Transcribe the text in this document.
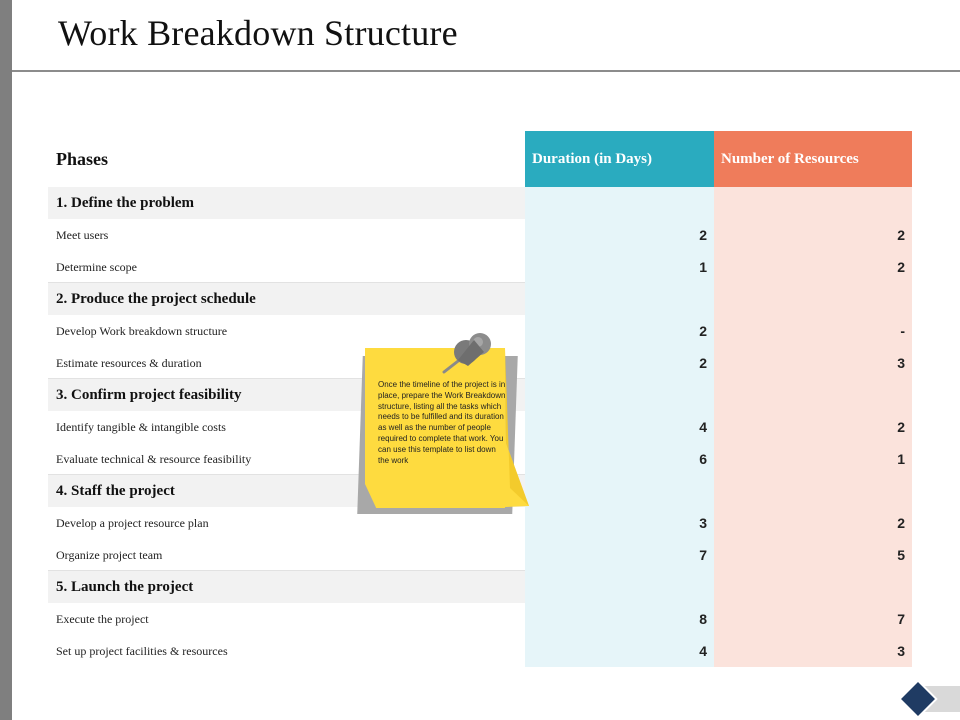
Work Breakdown Structure
Phases	Duration (in Days)	Number of Resources
1. Define the problem
Meet users	2	2
Determine scope	1	2
2. Produce the project schedule
Develop Work breakdown structure	2	-
Estimate resources & duration	2	3
3. Confirm project feasibility
Identify tangible & intangible costs	4	2
Evaluate technical & resource feasibility	6	1
4. Staff the project
Develop a project resource plan	3	2
Organize project team	7	5
5. Launch the project
Execute the project	8	7
Set up project facilities & resources	4	3
Once the timeline of the project is in place, prepare the Work Breakdown structure, listing all the tasks which needs to be fulfilled and its duration as well as the number of people required to complete that work. You can use this template to list down the work
